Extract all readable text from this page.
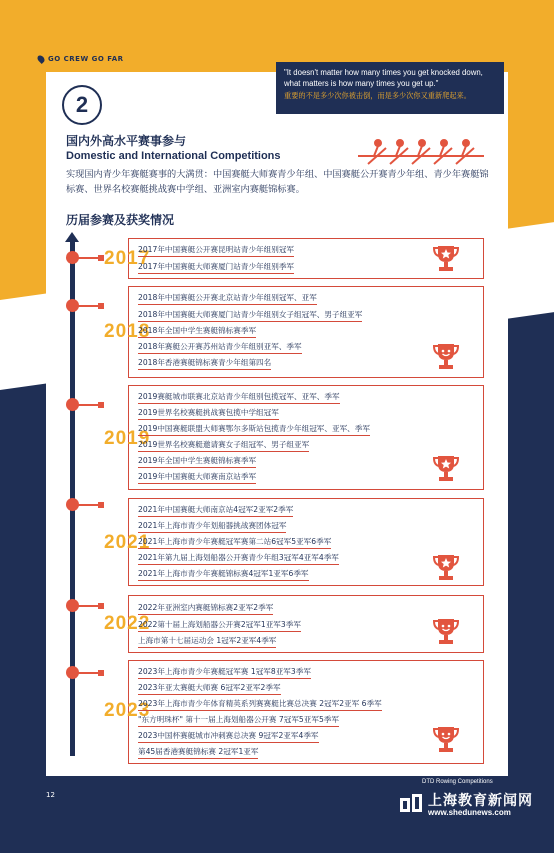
GO CREW GO FAR
2
"It doesn't matter how many times you get knocked down, what matters is how many times you get up."
重要的不是多少次你被击倒，而是多少次你又重新爬起来。
国内外高水平赛事参与
Domestic and International Competitions
实现国内青少年赛艇赛事的大满贯：中国赛艇大师赛青少年组、中国赛艇公开赛青少年组、青少年赛艇锦标赛、世界名校赛艇挑战赛中学组、亚洲室内赛艇锦标赛。
历届参赛及获奖情况
2017
2017年中国赛艇公开赛昆明站青少年组别冠军
2017年中国赛艇大师赛厦门站青少年组别季军
2018
2018年中国赛艇公开赛北京站青少年组别冠军、亚军
2018年中国赛艇大师赛厦门站青少年组别女子组冠军、男子组亚军
2018年全国中学生赛艇锦标赛季军
2018年赛艇公开赛苏州站青少年组别亚军、季军
2018年香港赛艇锦标赛青少年组第四名
2019
2019赛艇城市联赛北京站青少年组别包揽冠军、亚军、季军
2019世界名校赛艇挑战赛包揽中学组冠军
2019中国赛艇联盟大师赛鄂尔多斯站包揽青少年组冠军、亚军、季军
2019世界名校赛艇邀请赛女子组冠军、男子组亚军
2019年全国中学生赛艇锦标赛季军
2019年中国赛艇大师赛南京站季军
2021
2021年中国赛艇大师南京站4冠军2亚军2季军
2021年上海市青少年划船器挑战赛团体冠军
2021年上海市青少年赛艇冠军赛第二站6冠军5亚军6季军
2021年第九届上海划船器公开赛青少年组3冠军4亚军4季军
2021年上海市青少年赛艇锦标赛4冠军1亚军6季军
2022
2022年亚洲室内赛艇锦标赛2亚军2季军
2022第十届上海划船器公开赛2冠军1亚军3季军
上海市第十七届运动会 1冠军2亚军4季军
2023
2023年上海市青少年赛艇冠军赛 1冠军8亚军3季军
2023年亚太赛艇大师赛 6冠军2亚军2季军
2023年上海市青少年体育精英系列赛赛艇比赛总决赛 2冠军2亚军 6季军
"东方明珠杯" 第十一届上海划船器公开赛 7冠军5亚军5季军
2023中国杯赛艇城市冲刺赛总决赛 9冠军2亚军4季军
第45届香港赛艇锦标赛 2冠军1亚军
12
DTD Rowing Competitions
上海教育新闻网
www.shedunews.com
